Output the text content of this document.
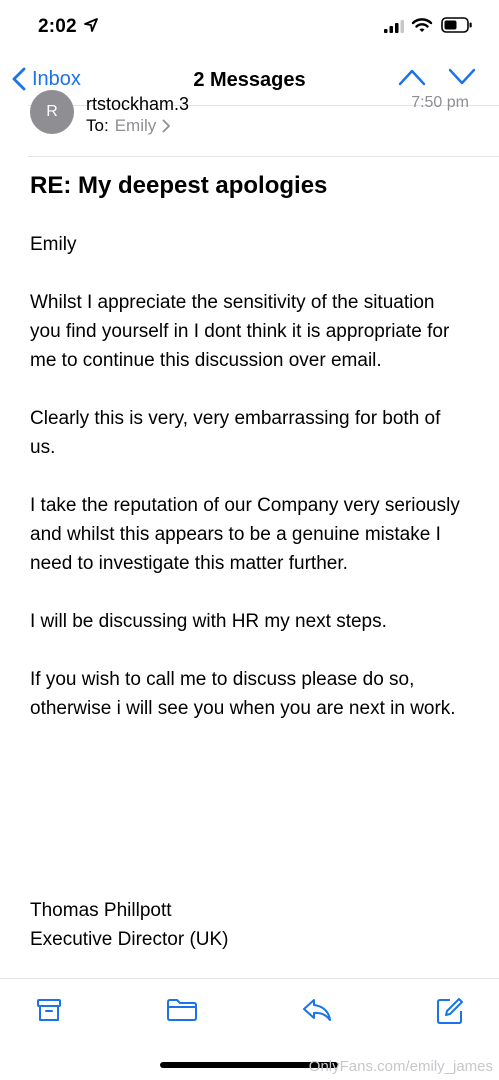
2:02
Inbox	2 Messages
R	rtstockham.3	7:50 pm
To: Emily
RE: My deepest apologies

Emily

Whilst I appreciate the sensitivity of the situation you find yourself in I dont think it is appropriate for me to continue this discussion over email.

Clearly this is very, very embarrassing for both of us.

I take the reputation of our Company very seriously and whilst this appears to be a genuine mistake I need to investigate this matter further.

I will be discussing with HR my next steps.

If you wish to call me to discuss please do so, otherwise i will see you when you are next in work.

Thomas Phillpott
Executive Director (UK)
OnlyFans.com/emily_james
